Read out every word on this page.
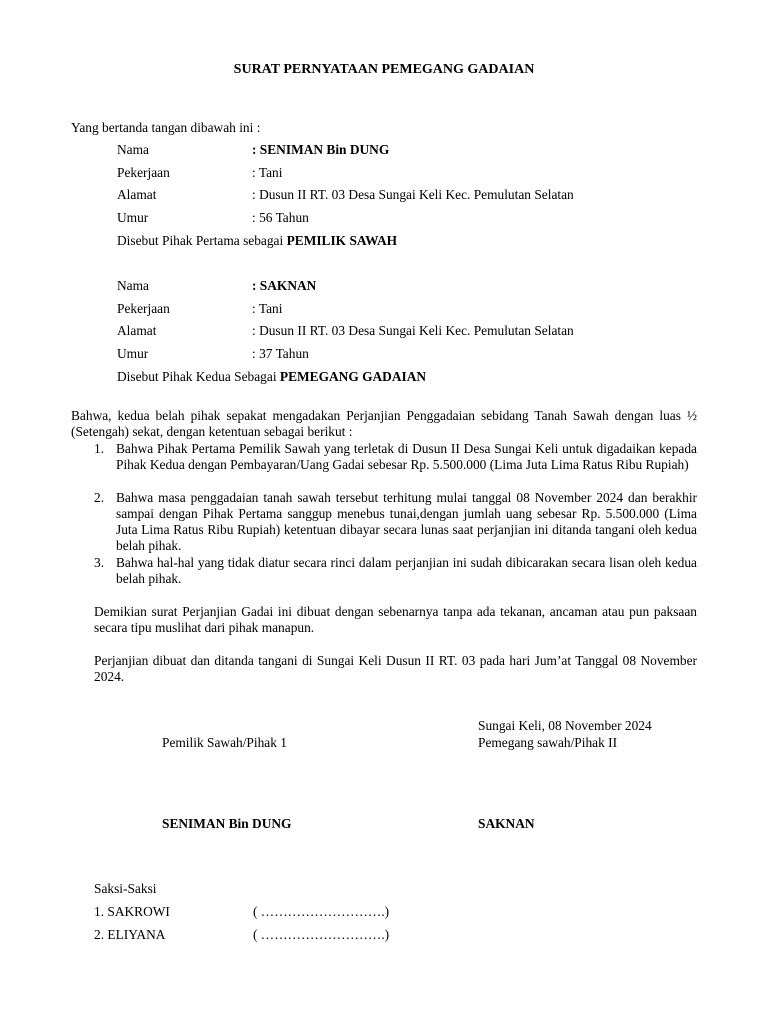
SURAT PERNYATAAN PEMEGANG GADAIAN
Yang bertanda tangan dibawah ini :
Nama	: SENIMAN Bin DUNG
Pekerjaan	: Tani
Alamat	: Dusun II RT. 03 Desa Sungai Keli Kec. Pemulutan Selatan
Umur	: 56 Tahun
Disebut Pihak Pertama sebagai PEMILIK SAWAH
Nama	: SAKNAN
Pekerjaan	: Tani
Alamat	: Dusun II RT. 03 Desa Sungai Keli Kec. Pemulutan Selatan
Umur	: 37 Tahun
Disebut Pihak Kedua Sebagai PEMEGANG GADAIAN
Bahwa, kedua belah pihak sepakat mengadakan Perjanjian Penggadaian sebidang Tanah Sawah dengan luas ½ (Setengah) sekat, dengan ketentuan sebagai berikut :
1. Bahwa Pihak Pertama Pemilik Sawah yang terletak di Dusun II Desa Sungai Keli untuk digadaikan kepada Pihak Kedua dengan Pembayaran/Uang Gadai sebesar Rp. 5.500.000 (Lima Juta Lima Ratus Ribu Rupiah)
2. Bahwa masa penggadaian tanah sawah tersebut terhitung mulai tanggal 08 November 2024 dan berakhir sampai dengan Pihak Pertama sanggup menebus tunai,dengan jumlah uang sebesar Rp. 5.500.000 (Lima Juta Lima Ratus Ribu Rupiah) ketentuan dibayar secara lunas saat perjanjian ini ditanda tangani oleh kedua belah pihak.
3. Bahwa hal-hal yang tidak diatur secara rinci dalam perjanjian ini sudah dibicarakan secara lisan oleh kedua belah pihak.
Demikian surat Perjanjian Gadai ini dibuat dengan sebenarnya tanpa ada tekanan, ancaman atau pun paksaan secara tipu muslihat dari pihak manapun.
Perjanjian dibuat dan ditanda tangani di Sungai Keli Dusun II RT. 03 pada hari Jum’at Tanggal 08 November 2024.
Sungai Keli, 08 November 2024
Pemilik Sawah/Pihak 1	Pemegang sawah/Pihak II
SENIMAN Bin DUNG	SAKNAN
Saksi-Saksi
1. SAKROWI	( ……………………….)
2. ELIYANA	( ……………………….)
